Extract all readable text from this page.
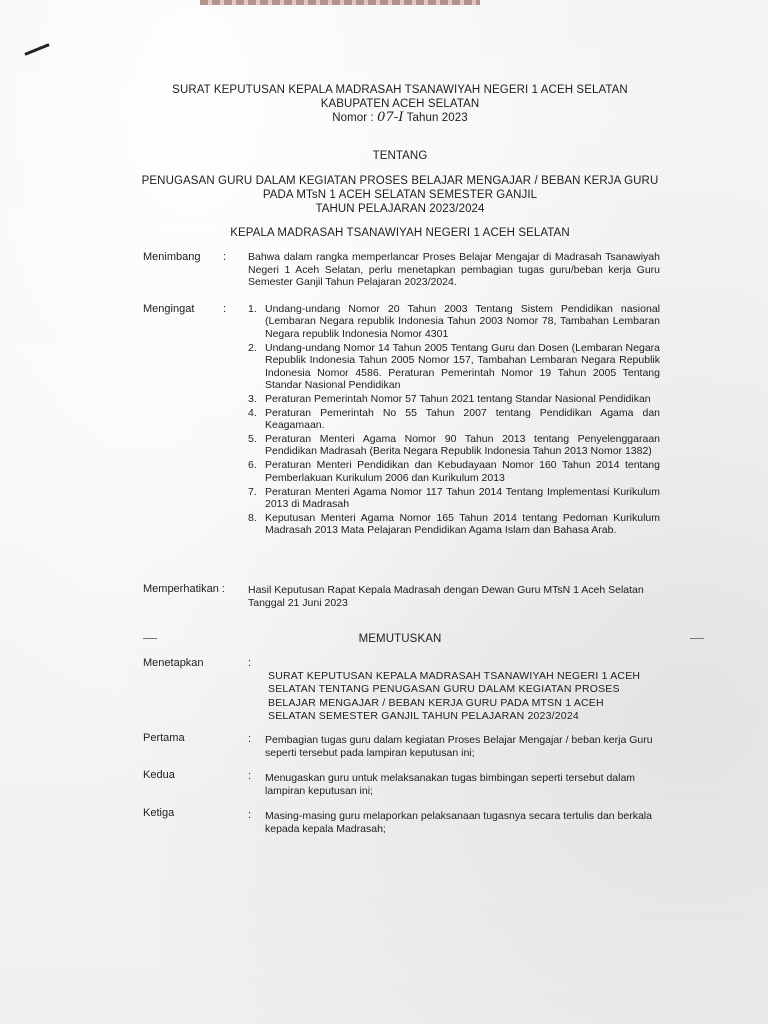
SURAT KEPUTUSAN KEPALA MADRASAH TSANAWIYAH NEGERI 1 ACEH SELATAN
KABUPATEN ACEH SELATAN
Nomor : 07-I Tahun 2023
TENTANG
PENUGASAN GURU DALAM KEGIATAN PROSES BELAJAR MENGAJAR / BEBAN KERJA GURU
PADA MTsN 1 ACEH SELATAN SEMESTER GANJIL
TAHUN PELAJARAN 2023/2024
KEPALA MADRASAH TSANAWIYAH NEGERI 1 ACEH SELATAN
Menimbang : Bahwa dalam rangka memperlancar Proses Belajar Mengajar di Madrasah Tsanawiyah Negeri 1 Aceh Selatan, perlu menetapkan pembagian tugas guru/beban kerja Guru Semester Ganjil Tahun Pelajaran 2023/2024.
Mengingat	: 1. Undang-undang Nomor 20 Tahun 2003 Tentang Sistem Pendidikan nasional (Lembaran Negara republik Indonesia Tahun 2003 Nomor 78, Tambahan Lembaran Negara republik Indonesia Nomor 4301
2. Undang-undang Nomor 14 Tahun 2005 Tentang Guru dan Dosen (Lembaran Negara Republik Indonesia Tahun 2005 Nomor 157, Tambahan Lembaran Negara Republik Indonesia Nomor 4586. Peraturan Pemerintah Nomor 19 Tahun 2005 Tentang Standar Nasional Pendidikan
3. Peraturan Pemerintah Nomor 57 Tahun 2021 tentang Standar Nasional Pendidikan
4. Peraturan Pemerintah No 55 Tahun 2007 tentang Pendidikan Agama dan Keagamaan.
5. Peraturan Menteri Agama Nomor 90 Tahun 2013 tentang Penyelenggaraan Pendidikan Madrasah (Berita Negara Republik Indonesia Tahun 2013 Nomor 1382)
6. Peraturan Menteri Pendidikan dan Kebudayaan Nomor 160 Tahun 2014 tentang Pemberlakuan Kurikulum 2006 dan Kurikulum 2013
7. Peraturan Menteri Agama Nomor 117 Tahun 2014 Tentang Implementasi Kurikulum 2013 di Madrasah
8. Keputusan Menteri Agama Nomor 165 Tahun 2014 tentang Pedoman Kurikulum Madrasah 2013 Mata Pelajaran Pendidikan Agama Islam dan Bahasa Arab.
Memperhatikan : Hasil Keputusan Rapat Kepala Madrasah dengan Dewan Guru MTsN 1 Aceh Selatan Tanggal 21 Juni 2023
MEMUTUSKAN
Menetapkan	:
SURAT KEPUTUSAN KEPALA MADRASAH TSANAWIYAH NEGERI 1 ACEH SELATAN TENTANG PENUGASAN GURU DALAM KEGIATAN PROSES BELAJAR MENGAJAR / BEBAN KERJA GURU PADA MTSN 1 ACEH SELATAN SEMESTER GANJIL TAHUN PELAJARAN 2023/2024
Pertama	: Pembagian tugas guru dalam kegiatan Proses Belajar Mengajar / beban kerja Guru seperti tersebut pada lampiran keputusan ini;
Kedua	: Menugaskan guru untuk melaksanakan tugas bimbingan seperti tersebut dalam lampiran keputusan ini;
Ketiga	: Masing-masing guru melaporkan pelaksanaan tugasnya secara tertulis dan berkala kepada kepala Madrasah;
